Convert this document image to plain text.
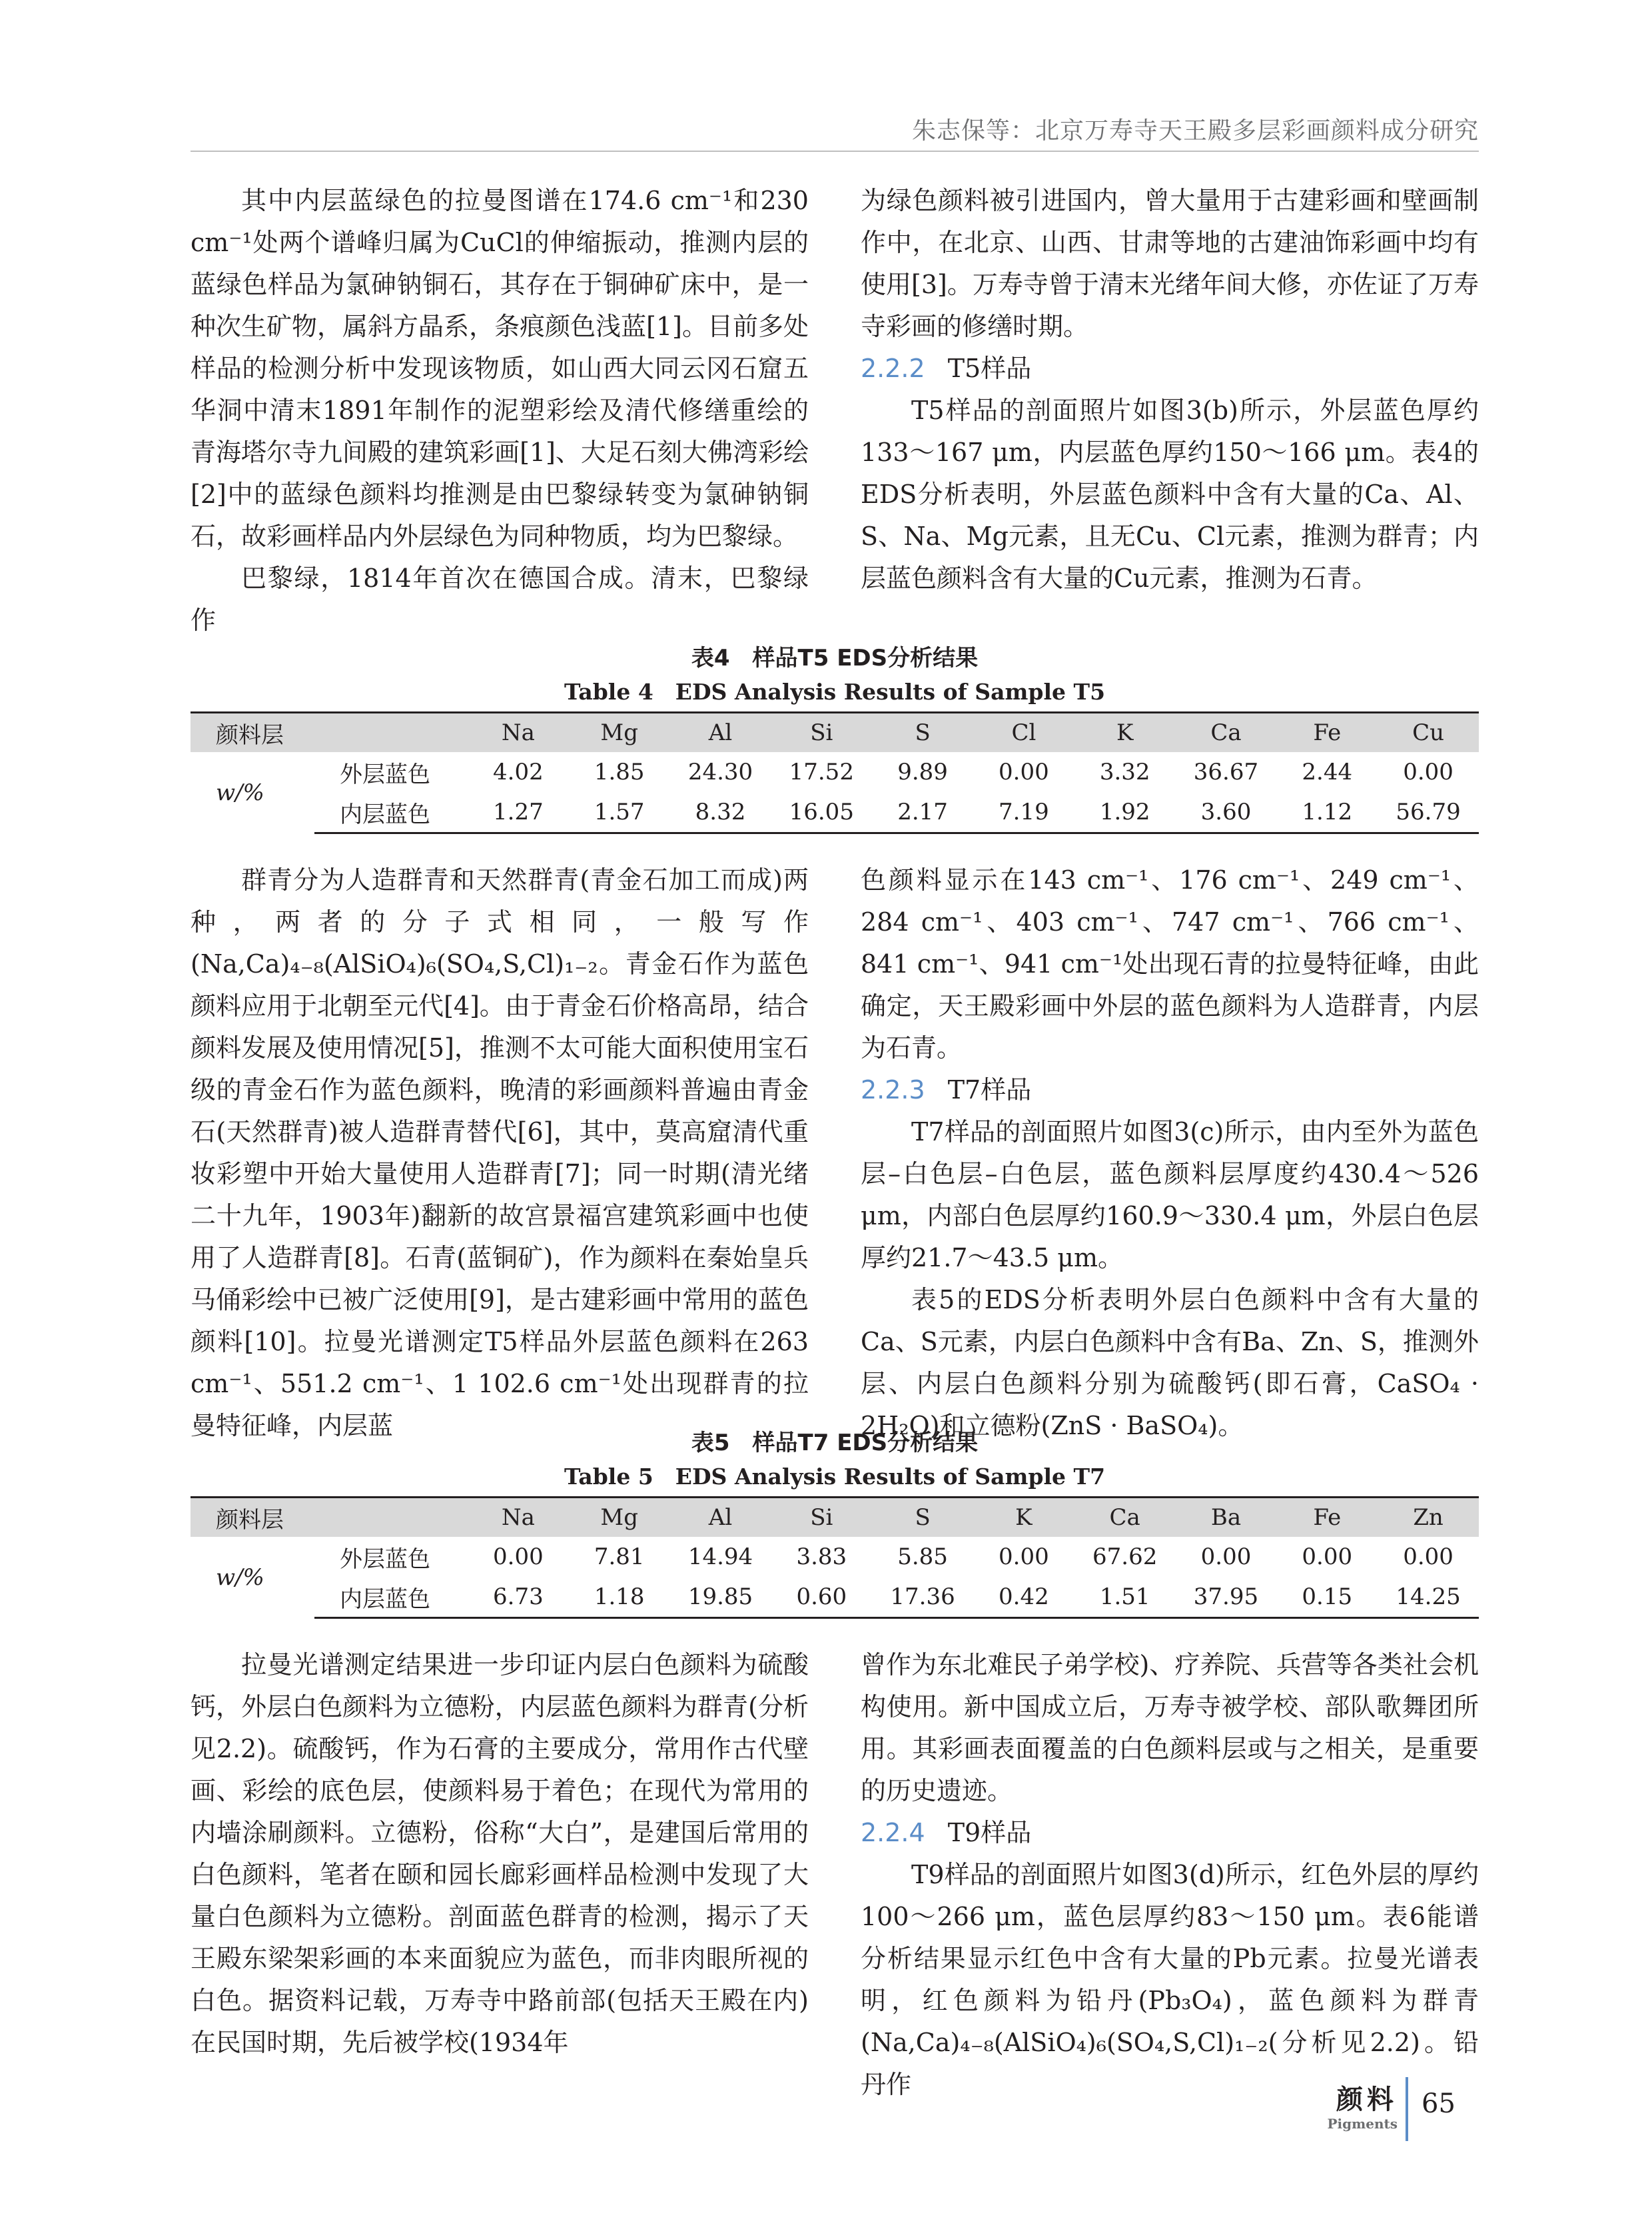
朱志保等：北京万寿寺天王殿多层彩画颜料成分研究

其中内层蓝绿色的拉曼图谱在174.6 cm⁻¹和230 cm⁻¹处两个谱峰归属为CuCl的伸缩振动，推测内层的蓝绿色样品为氯砷钠铜石，其存在于铜砷矿床中，是一种次生矿物，属斜方晶系，条痕颜色浅蓝[1]。目前多处样品的检测分析中发现该物质，如山西大同云冈石窟五华洞中清末1891年制作的泥塑彩绘及清代修缮重绘的青海塔尔寺九间殿的建筑彩画[1]、大足石刻大佛湾彩绘[2]中的蓝绿色颜料均推测是由巴黎绿转变为氯砷钠铜石，故彩画样品内外层绿色为同种物质，均为巴黎绿。

巴黎绿，1814年首次在德国合成。清末，巴黎绿作

为绿色颜料被引进国内，曾大量用于古建彩画和壁画制作中，在北京、山西、甘肃等地的古建油饰彩画中均有使用[3]。万寿寺曾于清末光绪年间大修，亦佐证了万寿寺彩画的修缮时期。

2.2.2 T5样品

T5样品的剖面照片如图3(b)所示，外层蓝色厚约133～167 μm，内层蓝色厚约150～166 μm。表4的EDS分析表明，外层蓝色颜料中含有大量的Ca、Al、S、Na、Mg元素，且无Cu、Cl元素，推测为群青；内层蓝色颜料含有大量的Cu元素，推测为石青。

表4　样品T5 EDS分析结果
Table 4　EDS Analysis Results of Sample T5
颜料层		Na	Mg	Al	Si	S	Cl	K	Ca	Fe	Cu
w/%	外层蓝色	4.02	1.85	24.30	17.52	9.89	0.00	3.32	36.67	2.44	0.00
	内层蓝色	1.27	1.57	8.32	16.05	2.17	7.19	1.92	3.60	1.12	56.79

群青分为人造群青和天然群青(青金石加工而成)两种，两者的分子式相同，一般写作(Na,Ca)₄₋₈(AlSiO₄)₆(SO₄,S,Cl)₁₋₂。青金石作为蓝色颜料应用于北朝至元代[4]。由于青金石价格高昂，结合颜料发展及使用情况[5]，推测不太可能大面积使用宝石级的青金石作为蓝色颜料，晚清的彩画颜料普遍由青金石(天然群青)被人造群青替代[6]，其中，莫高窟清代重妆彩塑中开始大量使用人造群青[7]；同一时期(清光绪二十九年，1903年)翻新的故宫景福宫建筑彩画中也使用了人造群青[8]。石青(蓝铜矿)，作为颜料在秦始皇兵马俑彩绘中已被广泛使用[9]，是古建彩画中常用的蓝色颜料[10]。拉曼光谱测定T5样品外层蓝色颜料在263 cm⁻¹、551.2 cm⁻¹、1 102.6 cm⁻¹处出现群青的拉曼特征峰，内层蓝

色颜料显示在143 cm⁻¹、176 cm⁻¹、249 cm⁻¹、284 cm⁻¹、403 cm⁻¹、747 cm⁻¹、766 cm⁻¹、841 cm⁻¹、941 cm⁻¹处出现石青的拉曼特征峰，由此确定，天王殿彩画中外层的蓝色颜料为人造群青，内层为石青。

2.2.3 T7样品

T7样品的剖面照片如图3(c)所示，由内至外为蓝色层–白色层–白色层，蓝色颜料层厚度约430.4～526 μm，内部白色层厚约160.9～330.4 μm，外层白色层厚约21.7～43.5 μm。

表5的EDS分析表明外层白色颜料中含有大量的Ca、S元素，内层白色颜料中含有Ba、Zn、S，推测外层、内层白色颜料分别为硫酸钙(即石膏，CaSO₄ · 2H₂O)和立德粉(ZnS · BaSO₄)。

表5　样品T7 EDS分析结果
Table 5　EDS Analysis Results of Sample T7
颜料层		Na	Mg	Al	Si	S	K	Ca	Ba	Fe	Zn
w/%	外层蓝色	0.00	7.81	14.94	3.83	5.85	0.00	67.62	0.00	0.00	0.00
	内层蓝色	6.73	1.18	19.85	0.60	17.36	0.42	1.51	37.95	0.15	14.25

拉曼光谱测定结果进一步印证内层白色颜料为硫酸钙，外层白色颜料为立德粉，内层蓝色颜料为群青(分析见2.2)。硫酸钙，作为石膏的主要成分，常用作古代壁画、彩绘的底色层，使颜料易于着色；在现代为常用的内墙涂刷颜料。立德粉，俗称“大白”，是建国后常用的白色颜料，笔者在颐和园长廊彩画样品检测中发现了大量白色颜料为立德粉。剖面蓝色群青的检测，揭示了天王殿东梁架彩画的本来面貌应为蓝色，而非肉眼所视的白色。据资料记载，万寿寺中路前部(包括天王殿在内)在民国时期，先后被学校(1934年

曾作为东北难民子弟学校)、疗养院、兵营等各类社会机构使用。新中国成立后，万寿寺被学校、部队歌舞团所用。其彩画表面覆盖的白色颜料层或与之相关，是重要的历史遗迹。

2.2.4 T9样品

T9样品的剖面照片如图3(d)所示，红色外层的厚约100～266 μm，蓝色层厚约83～150 μm。表6能谱分析结果显示红色中含有大量的Pb元素。拉曼光谱表明，红色颜料为铅丹(Pb₃O₄)，蓝色颜料为群青(Na,Ca)₄₋₈(AlSiO₄)₆(SO₄,S,Cl)₁₋₂(分析见2.2)。铅丹作	颜料
Pigments
65
